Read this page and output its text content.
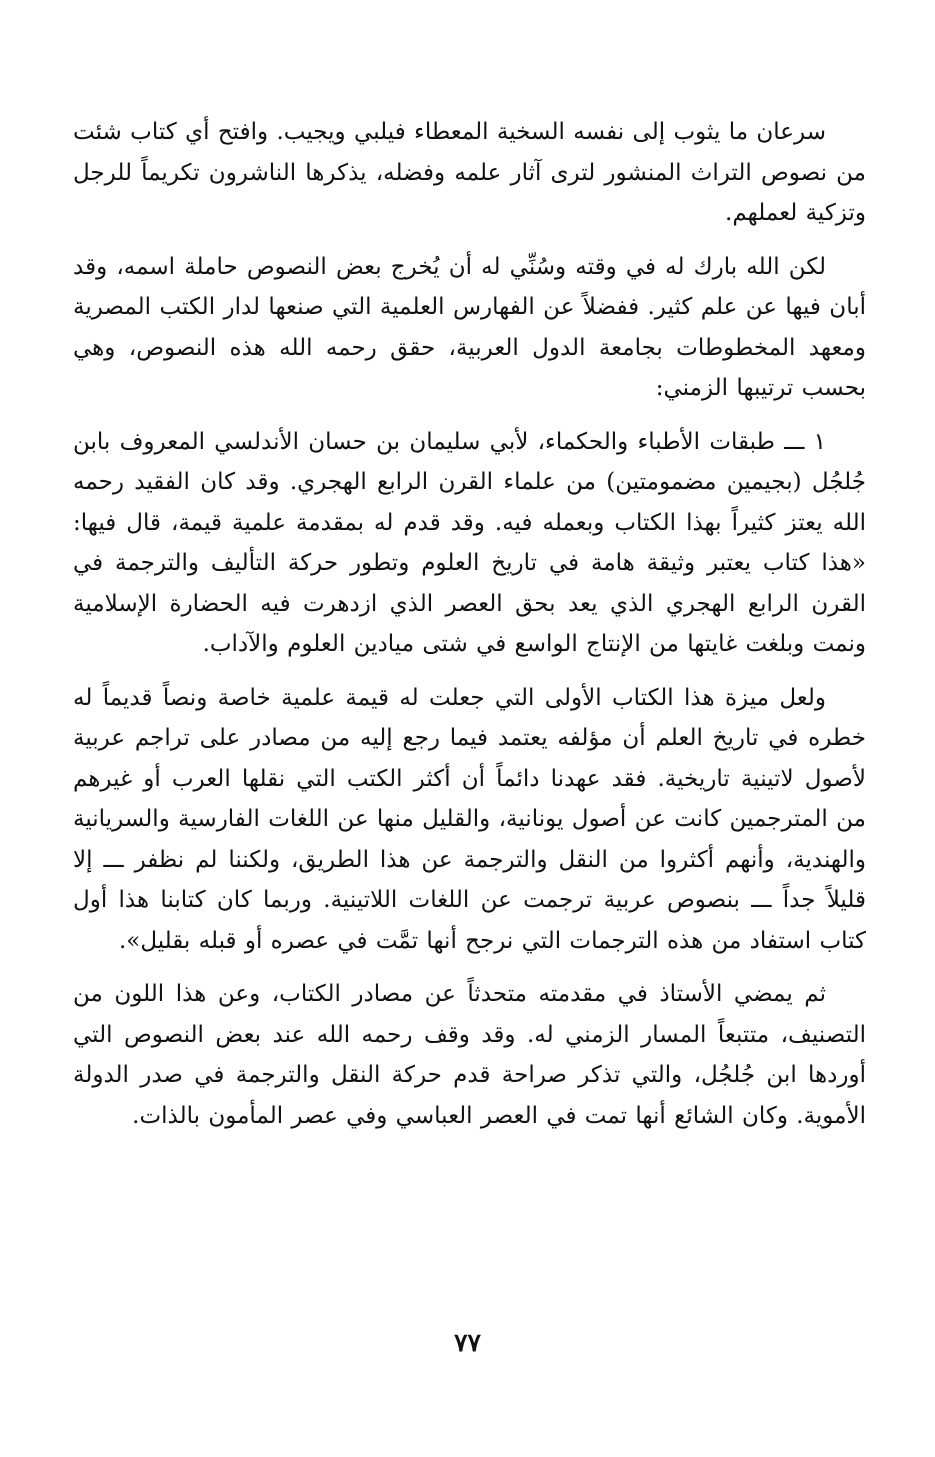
سرعان ما يثوب إلى نفسه السخية المعطاء فيلبي ويجيب. وافتح أي كتاب شئت من نصوص التراث المنشور لترى آثار علمه وفضله، يذكرها الناشرون تكريماً للرجل وتزكية لعملهم.

لكن الله بارك له في وقته وسُنِّي له أن يُخرج بعض النصوص حاملة اسمه، وقد أبان فيها عن علم كثير. ففضلاً عن الفهارس العلمية التي صنعها لدار الكتب المصرية ومعهد المخطوطات بجامعة الدول العربية، حقق رحمه الله هذه النصوص، وهي بحسب ترتيبها الزمني:

١ ـــ طبقات الأطباء والحكماء، لأبي سليمان بن حسان الأندلسي المعروف بابن جُلجُل (بجيمين مضمومتين) من علماء القرن الرابع الهجري. وقد كان الفقيد رحمه الله يعتز كثيراً بهذا الكتاب وبعمله فيه. وقد قدم له بمقدمة علمية قيمة، قال فيها: «هذا كتاب يعتبر وثيقة هامة في تاريخ العلوم وتطور حركة التأليف والترجمة في القرن الرابع الهجري الذي يعد بحق العصر الذي ازدهرت فيه الحضارة الإسلامية ونمت وبلغت غايتها من الإنتاج الواسع في شتى ميادين العلوم والآداب.

ولعل ميزة هذا الكتاب الأولى التي جعلت له قيمة علمية خاصة ونصاً قديماً له خطره في تاريخ العلم أن مؤلفه يعتمد فيما رجع إليه من مصادر على تراجم عربية لأصول لاتينية تاريخية. فقد عهدنا دائماً أن أكثر الكتب التي نقلها العرب أو غيرهم من المترجمين كانت عن أصول يونانية، والقليل منها عن اللغات الفارسية والسريانية والهندية، وأنهم أكثروا من النقل والترجمة عن هذا الطريق، ولكننا لم نظفر ـــ إلا قليلاً جداً ـــ بنصوص عربية ترجمت عن اللغات اللاتينية. وربما كان كتابنا هذا أول كتاب استفاد من هذه الترجمات التي نرجح أنها تمَّت في عصره أو قبله بقليل».

ثم يمضي الأستاذ في مقدمته متحدثاً عن مصادر الكتاب، وعن هذا اللون من التصنيف، متتبعاً المسار الزمني له. وقد وقف رحمه الله عند بعض النصوص التي أوردها ابن جُلجُل، والتي تذكر صراحة قدم حركة النقل والترجمة في صدر الدولة الأموية. وكان الشائع أنها تمت في العصر العباسي وفي عصر المأمون بالذات.

٧٧
